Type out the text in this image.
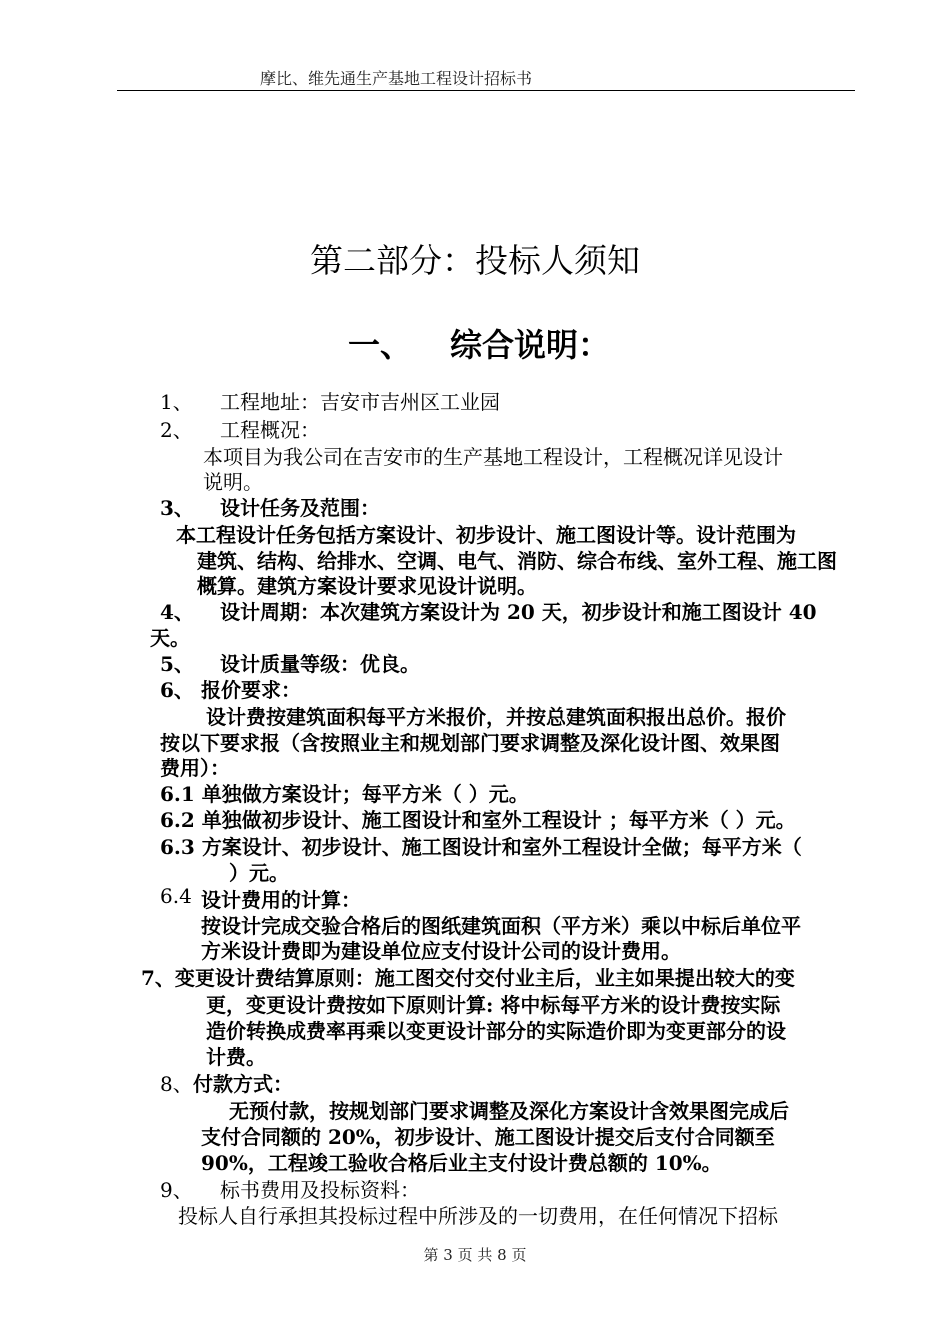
摩比、维先通生产基地工程设计招标书
第二部分：投标人须知
一、 综合说明：
1、 工程地址：吉安市吉州区工业园
2、 工程概况：
本项目为我公司在吉安市的生产基地工程设计，工程概况详见设计
说明。
3、 设计任务及范围：
本工程设计任务包括方案设计、初步设计、施工图设计等。设计范围为
建筑、结构、给排水、空调、电气、消防、综合布线、室外工程、施工图
概算。建筑方案设计要求见设计说明。
4、 设计周期：本次建筑方案设计为 20 天，初步设计和施工图设计 40
天。
5、 设计质量等级：优良。
6、 报价要求：
设计费按建筑面积每平方米报价，并按总建筑面积报出总价。报价
按以下要求报（含按照业主和规划部门要求调整及深化设计图、效果图
费用）：
6.1 单独做方案设计；每平方米（ ）元。
6.2 单独做初步设计、施工图设计和室外工程设计 ；每平方米（ ）元。
6.3 方案设计、初步设计、施工图设计和室外工程设计全做；每平方米（
）元。
6.4 设计费用的计算：
按设计完成交验合格后的图纸建筑面积（平方米）乘以中标后单位平
方米设计费即为建设单位应支付设计公司的设计费用。
7、变更设计费结算原则：施工图交付交付业主后，业主如果提出较大的变
更，变更设计费按如下原则计算: 将中标每平方米的设计费按实际
造价转换成费率再乘以变更设计部分的实际造价即为变更部分的设
计费。
8、 付款方式：
无预付款，按规划部门要求调整及深化方案设计含效果图完成后
支付合同额的 20%，初步设计、施工图设计提交后支付合同额至
90%，工程竣工验收合格后业主支付设计费总额的 10%。
9、 标书费用及投标资料：
投标人自行承担其投标过程中所涉及的一切费用，在任何情况下招标
第 3 页 共 8 页
